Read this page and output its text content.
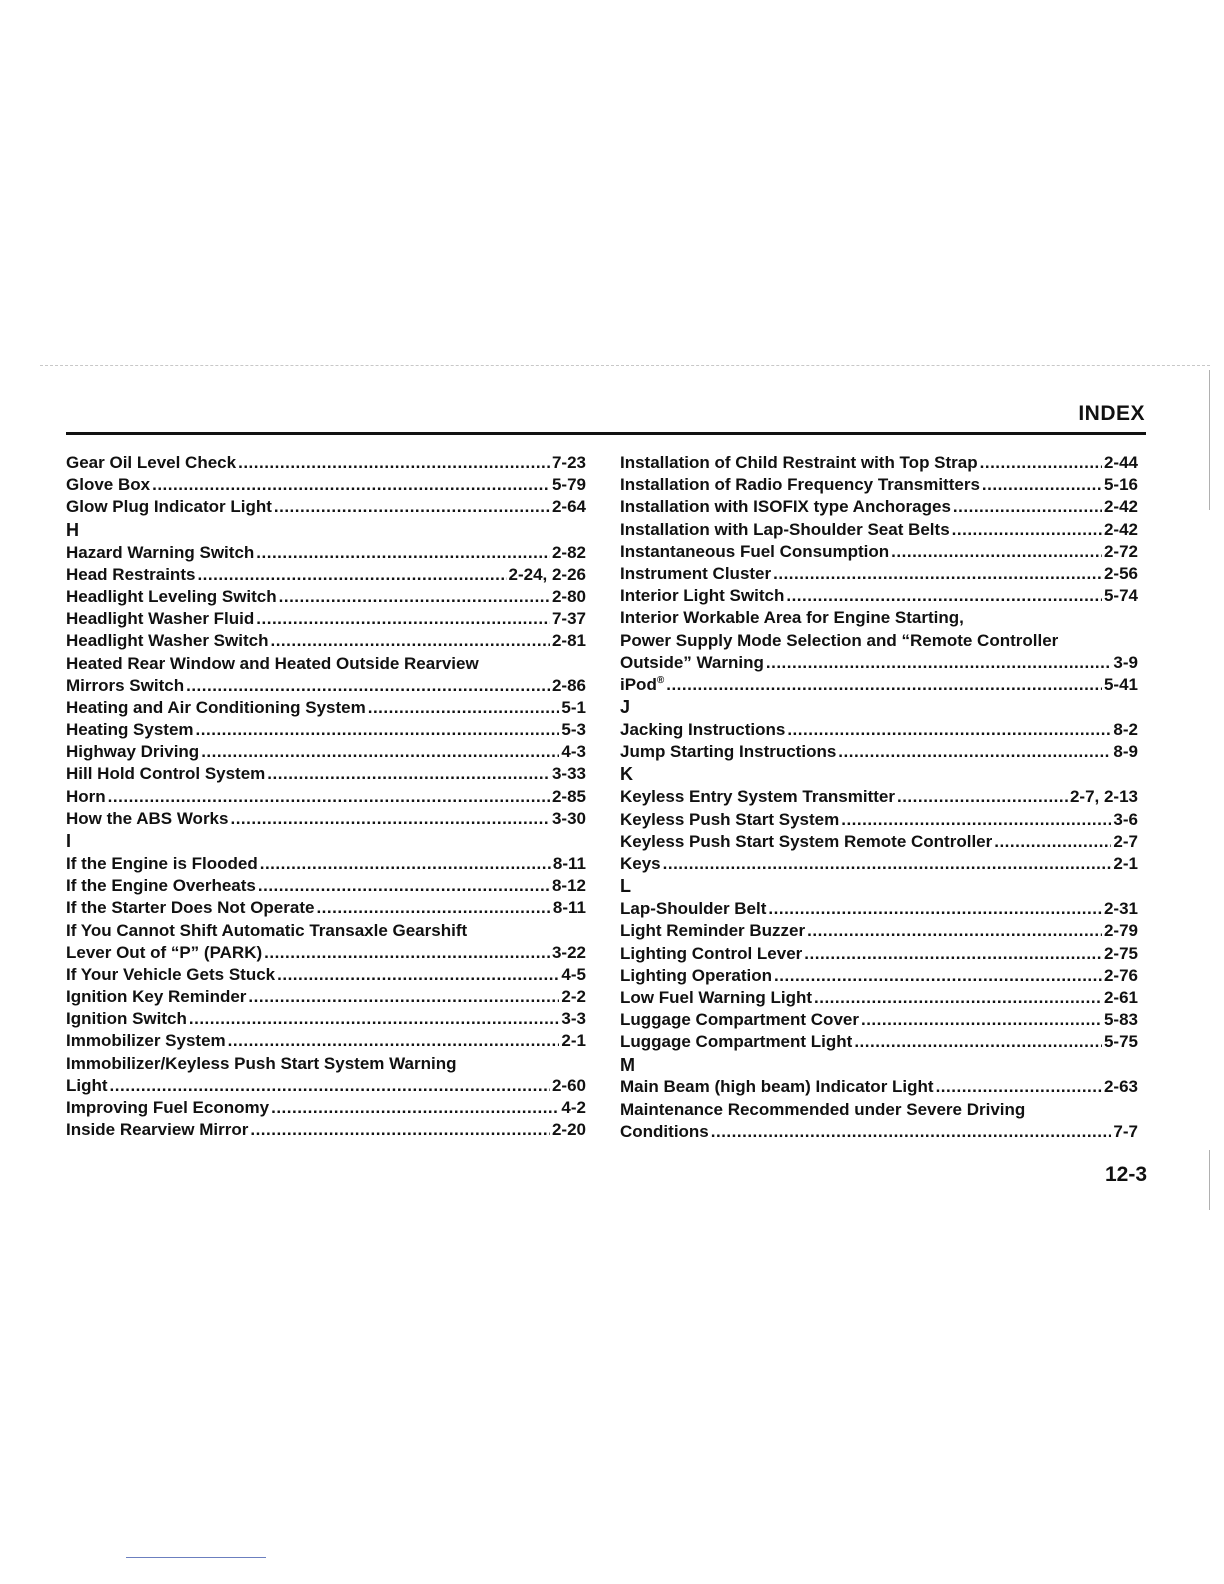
INDEX
Gear Oil Level Check .....	7-23
Glove Box .....	5-79
Glow Plug Indicator Light .....	2-64
H
Hazard Warning Switch .....	2-82
Head Restraints .....	2-24, 2-26
Headlight Leveling Switch .....	2-80
Headlight Washer Fluid .....	7-37
Headlight Washer Switch .....	2-81
Heated Rear Window and Heated Outside Rearview
Mirrors Switch .....	2-86
Heating and Air Conditioning System .....	5-1
Heating System .....	5-3
Highway Driving .....	4-3
Hill Hold Control System .....	3-33
Horn .....	2-85
How the ABS Works .....	3-30
I
If the Engine is Flooded .....	8-11
If the Engine Overheats .....	8-12
If the Starter Does Not Operate .....	8-11
If You Cannot Shift Automatic Transaxle Gearshift
Lever Out of “P” (PARK) .....	3-22
If Your Vehicle Gets Stuck .....	4-5
Ignition Key Reminder .....	2-2
Ignition Switch .....	3-3
Immobilizer System .....	2-1
Immobilizer/Keyless Push Start System Warning
Light .....	2-60
Improving Fuel Economy .....	4-2
Inside Rearview Mirror .....	2-20
Installation of Child Restraint with Top Strap .....	2-44
Installation of Radio Frequency Transmitters .....	5-16
Installation with ISOFIX type Anchorages .....	2-42
Installation with Lap-Shoulder Seat Belts .....	2-42
Instantaneous Fuel Consumption .....	2-72
Instrument Cluster .....	2-56
Interior Light Switch .....	5-74
Interior Workable Area for Engine Starting,
Power Supply Mode Selection and “Remote Controller
Outside” Warning .....	3-9
iPod® .....	5-41
J
Jacking Instructions .....	8-2
Jump Starting Instructions .....	8-9
K
Keyless Entry System Transmitter .....	2-7, 2-13
Keyless Push Start System .....	3-6
Keyless Push Start System Remote Controller .....	2-7
Keys .....	2-1
L
Lap-Shoulder Belt .....	2-31
Light Reminder Buzzer .....	2-79
Lighting Control Lever .....	2-75
Lighting Operation .....	2-76
Low Fuel Warning Light .....	2-61
Luggage Compartment Cover .....	5-83
Luggage Compartment Light .....	5-75
M
Main Beam (high beam) Indicator Light .....	2-63
Maintenance Recommended under Severe Driving
Conditions .....	7-7
12-3
